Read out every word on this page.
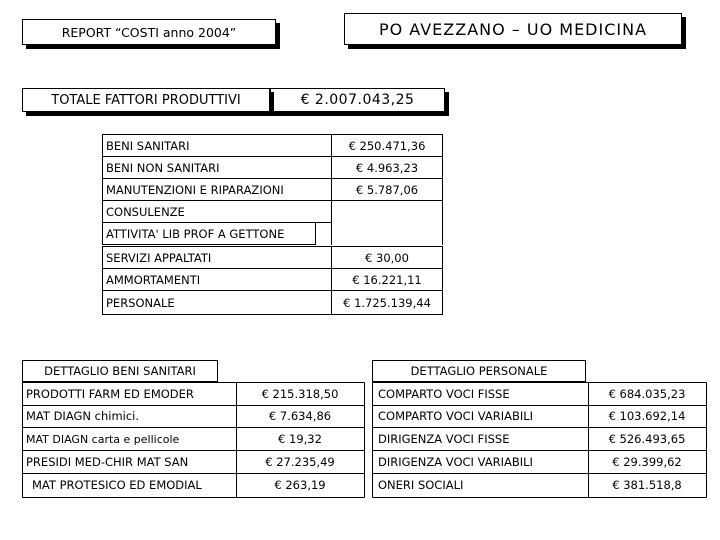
REPORT “COSTI anno 2004”	PO AVEZZANO – UO MEDICINA
TOTALE FATTORI PRODUTTIVI	€ 2.007.043,25
BENI SANITARI	€ 250.471,36
BENI NON SANITARI	€ 4.963,23
MANUTENZIONI E RIPARAZIONI	€ 5.787,06
CONSULENZE
ATTIVITA' LIB PROF A GETTONE
SERVIZI APPALTATI	€ 30,00
AMMORTAMENTI	€ 16.221,11
PERSONALE	€ 1.725.139,44
DETTAGLIO BENI SANITARI
PRODOTTI FARM ED EMODER	€ 215.318,50
MAT DIAGN chimici.	€ 7.634,86
MAT DIAGN carta e pellicole	€ 19,32
PRESIDI MED-CHIR MAT SAN	€ 27.235,49
MAT PROTESICO ED EMODIAL	€ 263,19
DETTAGLIO PERSONALE
COMPARTO VOCI FISSE	€ 684.035,23
COMPARTO VOCI VARIABILI	€ 103.692,14
DIRIGENZA VOCI FISSE	€ 526.493,65
DIRIGENZA VOCI VARIABILI	€ 29.399,62
ONERI SOCIALI	€ 381.518,8
